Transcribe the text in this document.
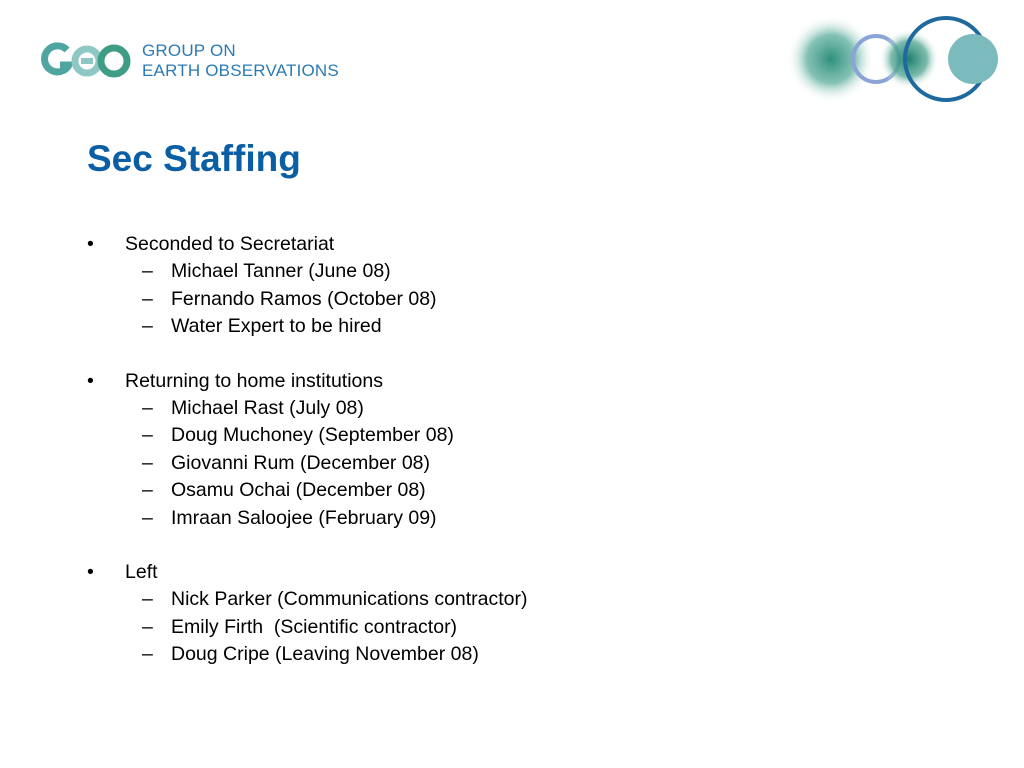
GROUP ON
EARTH OBSERVATIONS
Sec Staffing
•	Seconded to Secretariat
– Michael Tanner (June 08)
– Fernando Ramos (October 08)
– Water Expert to be hired
•	Returning to home institutions
– Michael Rast (July 08)
– Doug Muchoney (September 08)
– Giovanni Rum (December 08)
– Osamu Ochai (December 08)
– Imraan Saloojee (February 09)
•	Left
– Nick Parker (Communications contractor)
– Emily Firth  (Scientific contractor)
– Doug Cripe (Leaving November 08)
